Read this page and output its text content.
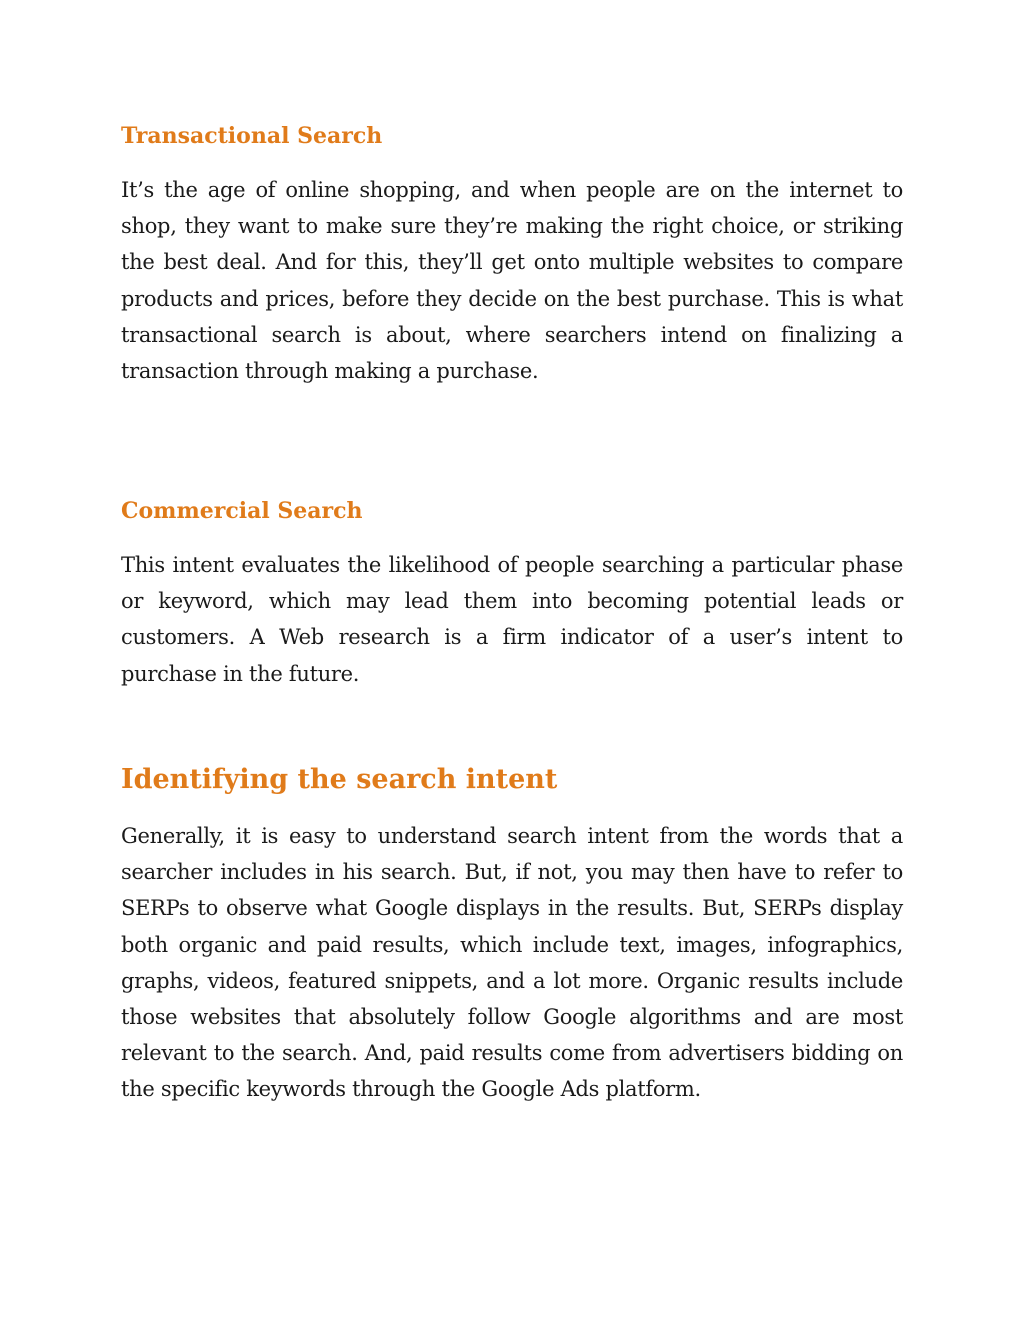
Transactional Search

It’s the age of online shopping, and when people are on the internet to shop, they want to make sure they’re making the right choice, or striking the best deal. And for this, they’ll get onto multiple websites to compare products and prices, before they decide on the best purchase. This is what transactional search is about, where searchers intend on finalizing a transaction through making a purchase.

Commercial Search

This intent evaluates the likelihood of people searching a particular phase or keyword, which may lead them into becoming potential leads or customers. A Web research is a firm indicator of a user’s intent to purchase in the future.

Identifying the search intent

Generally, it is easy to understand search intent from the words that a searcher includes in his search. But, if not, you may then have to refer to SERPs to observe what Google displays in the results. But, SERPs display both organic and paid results, which include text, images, infographics, graphs, videos, featured snippets, and a lot more. Organic results include those websites that absolutely follow Google algorithms and are most relevant to the search. And, paid results come from advertisers bidding on the specific keywords through the Google Ads platform.
